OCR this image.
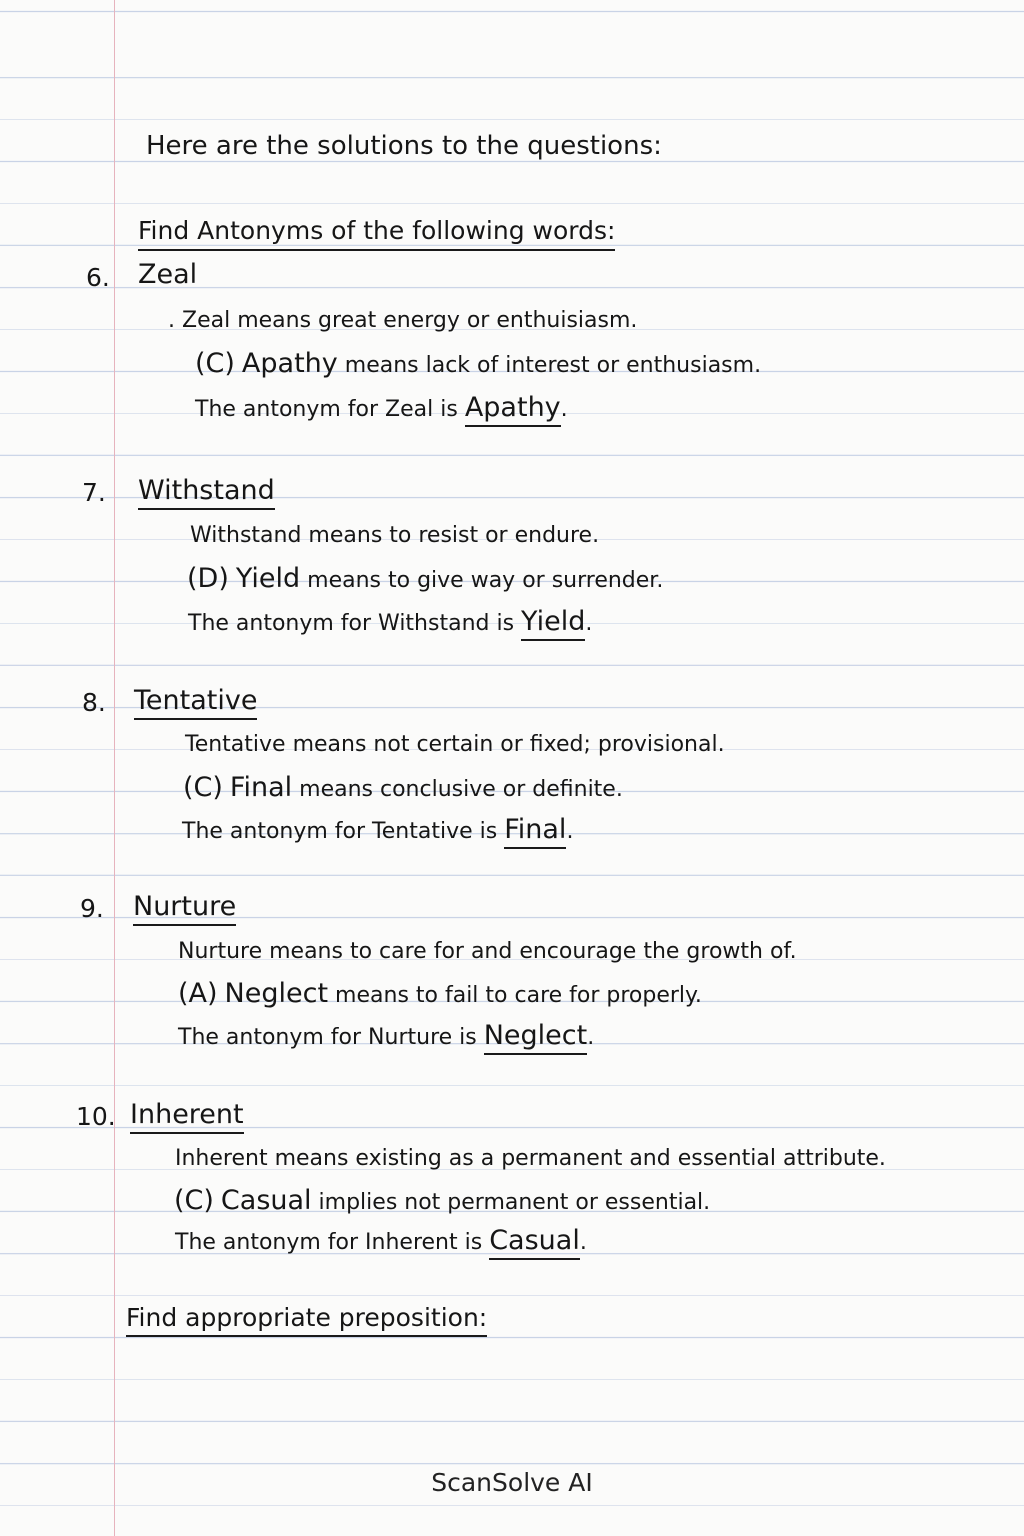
Here are the solutions to the questions:
Find Antonyms of the following words:
6. Zeal
. Zeal means great energy or enthuisiasm.
(C) Apathy means lack of interest or enthusiasm.
The antonym for Zeal is Apathy.
7. Withstand
Withstand means to resist or endure.
(D) Yield means to give way or surrender.
The antonym for Withstand is Yield.
8. Tentative
Tentative means not certain or fixed; provisional.
(C) Final means conclusive or definite.
The antonym for Tentative is Final.
9. Nurture
Nurture means to care for and encourage the growth of.
(A) Neglect means to fail to care for properly.
The antonym for Nurture is Neglect.
10. Inherent
Inherent means existing as a permanent and essential attribute.
(C) Casual implies not permanent or essential.
The antonym for Inherent is Casual.
Find appropriate preposition:
ScanSolve AI
